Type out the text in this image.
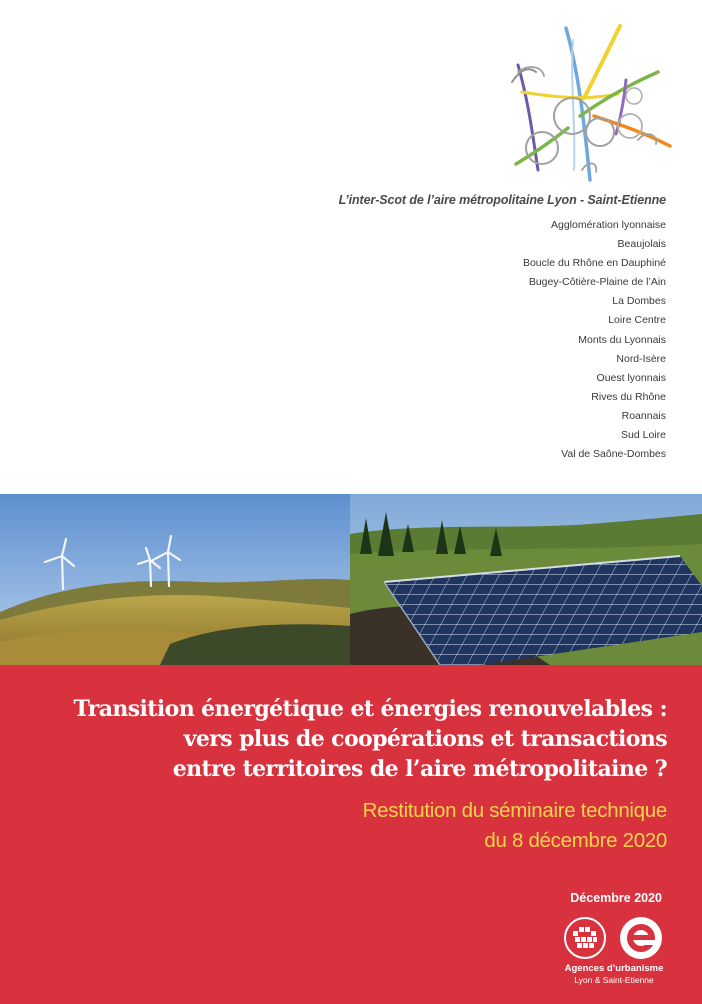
L’inter-Scot de l’aire métropolitaine Lyon - Saint-Etienne
Agglomération lyonnaise
Beaujolais
Boucle du Rhône en Dauphiné
Bugey-Côtière-Plaine de l’Ain
La Dombes
Loire Centre
Monts du Lyonnais
Nord-Isère
Ouest lyonnais
Rives du Rhône
Roannais
Sud Loire
Val de Saône-Dombes
Transition énergétique et énergies renouvelables :
vers plus de coopérations et transactions
entre territoires de l’aire métropolitaine ?
Restitution du séminaire technique
du 8 décembre 2020
Décembre 2020
Agences d’urbanisme
Lyon & Saint-Etienne
